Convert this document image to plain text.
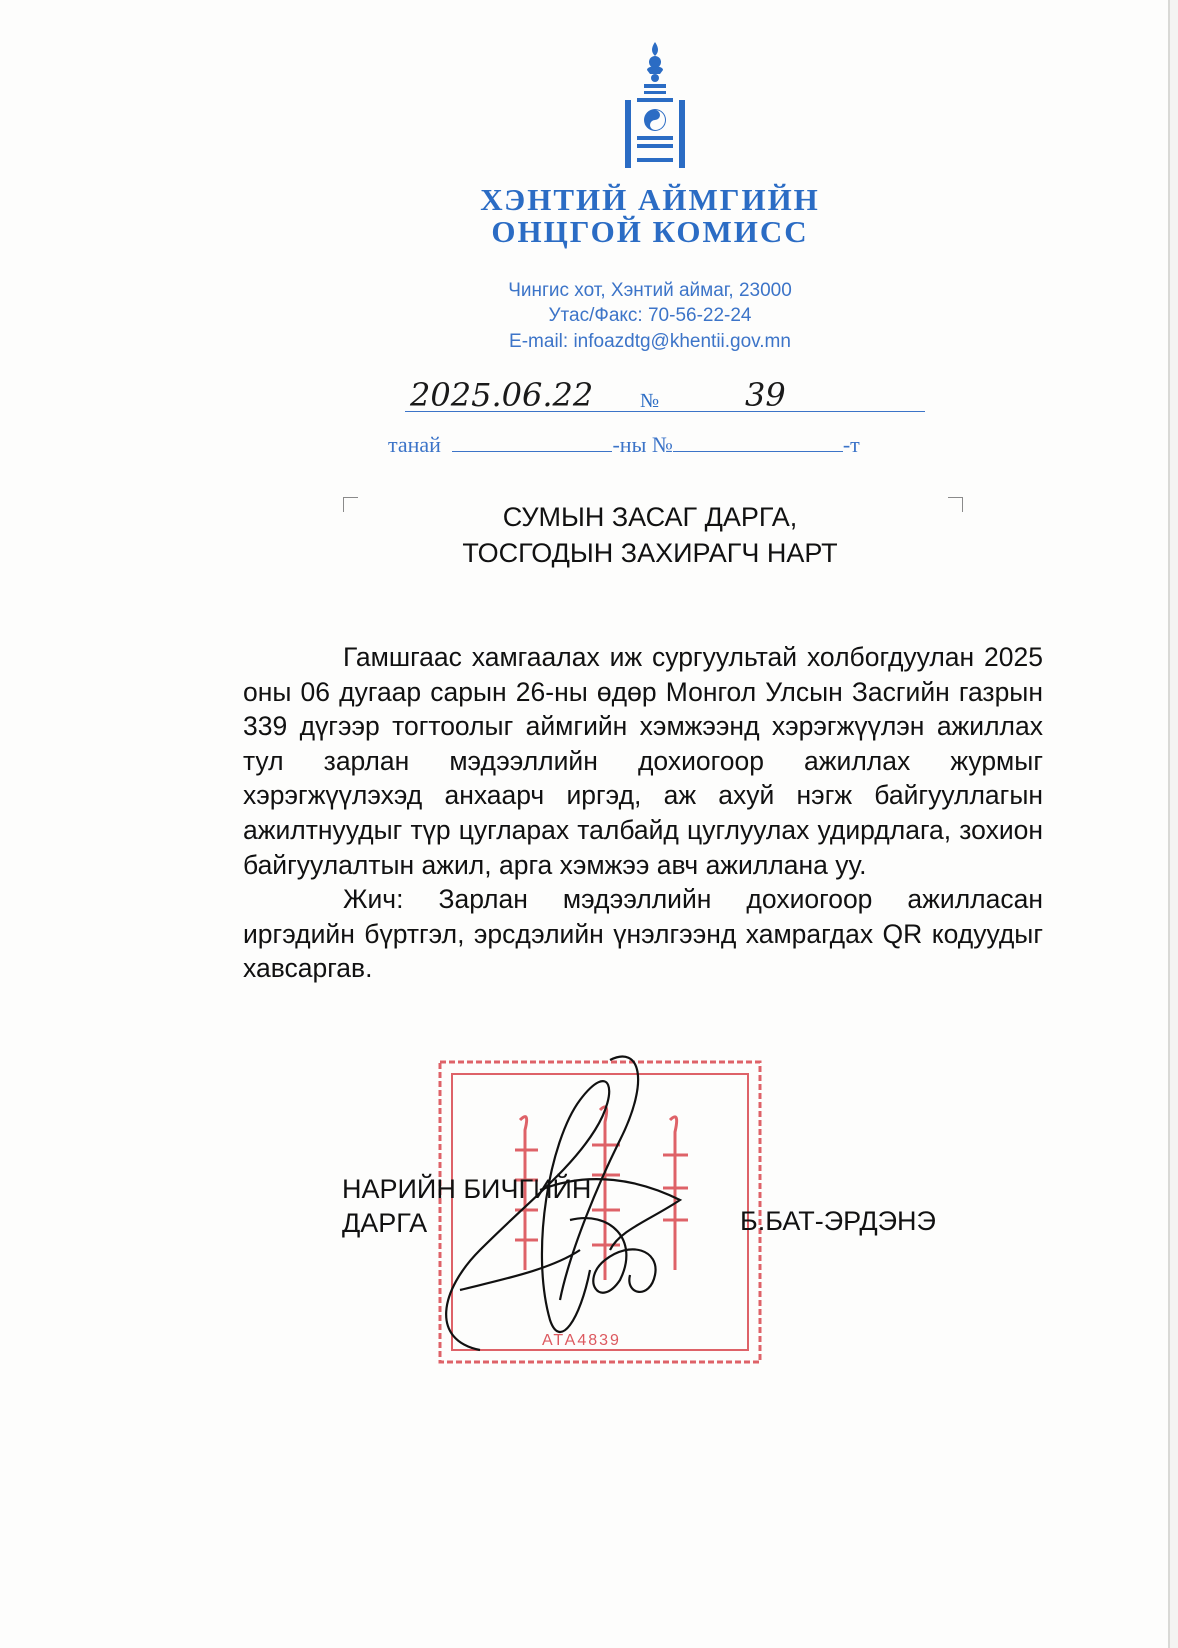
ХЭНТИЙ АЙМГИЙН
ОНЦГОЙ КОМИСС
Чингис хот, Хэнтий аймаг, 23000
Утас/Факс: 70-56-22-24
E-mail: infoazdtg@khentii.gov.mn
2025.06.22 №	39
танай	-ны №	-т
СУМЫН ЗАСАГ ДАРГА,
ТОСГОДЫН ЗАХИРАГЧ НАРТ

Гамшгаас хамгаалах иж сургуультай холбогдуулан 2025 оны 06 дугаар сарын 26-ны өдөр Монгол Улсын Засгийн газрын 339 дүгээр тогтоолыг аймгийн хэмжээнд хэрэгжүүлэн ажиллах тул зарлан мэдээллийн дохиогоор ажиллах журмыг хэрэгжүүлэхэд анхаарч иргэд, аж ахуй нэгж байгууллагын ажилтнуудыг түр цугларах талбайд цуглуулах удирдлага, зохион байгуулалтын ажил, арга хэмжээ авч ажиллана уу.

Жич: Зарлан мэдээллийн дохиогоор ажилласан иргэдийн бүртгэл, эрсдэлийн үнэлгээнд хамрагдах QR кодуудыг хавсаргав.

АТА4839
НАРИЙН БИЧГИЙН
ДАРГА	Б.БАТ-ЭРДЭНЭ
